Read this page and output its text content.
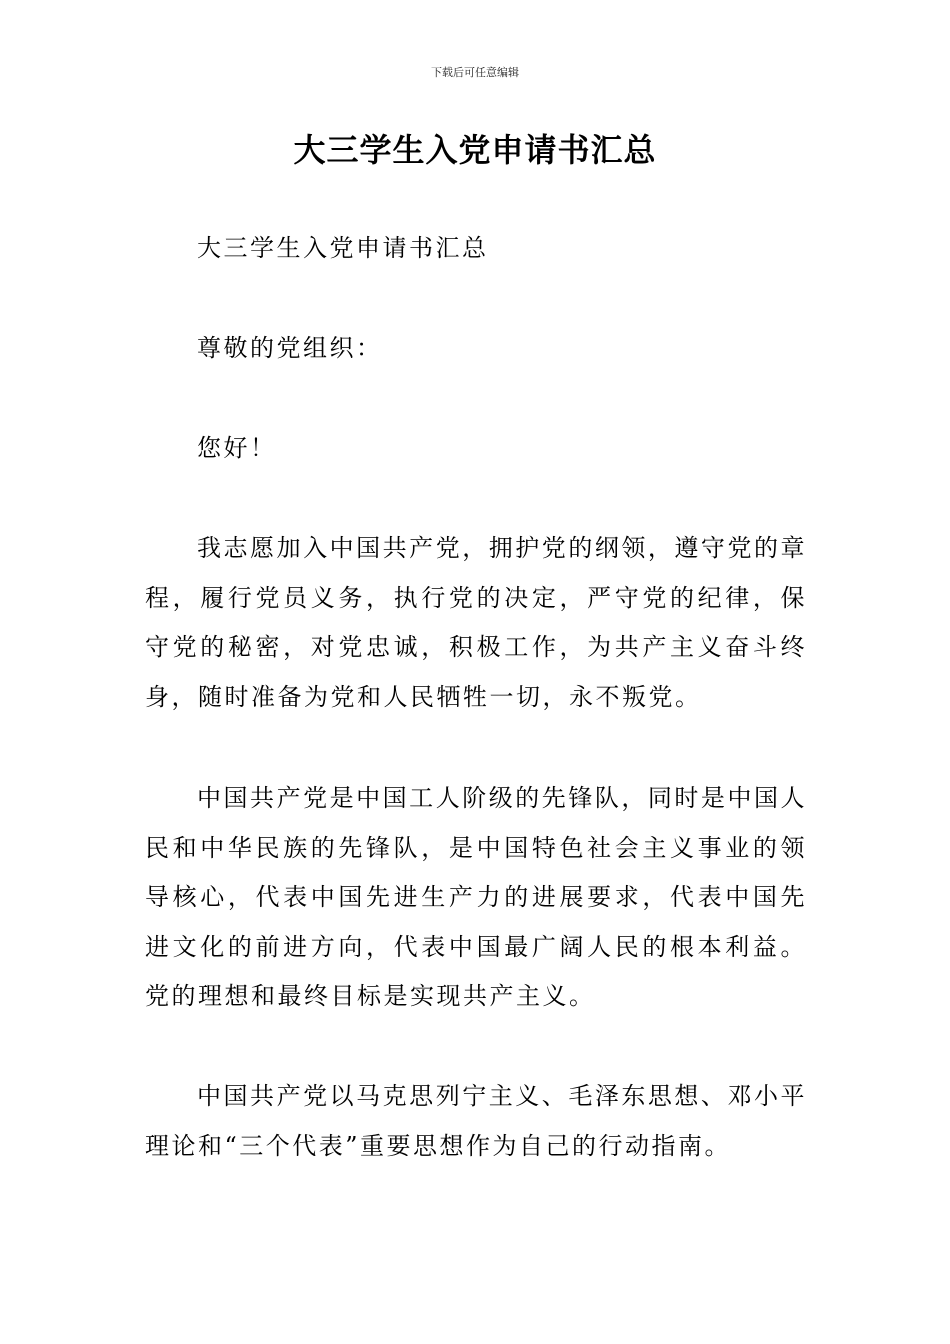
下载后可任意编辑
大三学生入党申请书汇总

大三学生入党申请书汇总

尊敬的党组织：

您好！

我志愿加入中国共产党，拥护党的纲领，遵守党的章程，履行党员义务，执行党的决定，严守党的纪律，保守党的秘密，对党忠诚，积极工作，为共产主义奋斗终身，随时准备为党和人民牺牲一切，永不叛党。

中国共产党是中国工人阶级的先锋队，同时是中国人民和中华民族的先锋队，是中国特色社会主义事业的领导核心，代表中国先进生产力的进展要求，代表中国先进文化的前进方向，代表中国最广阔人民的根本利益。党的理想和最终目标是实现共产主义。

中国共产党以马克思列宁主义、毛泽东思想、邓小平理论和“三个代表”重要思想作为自己的行动指南。
